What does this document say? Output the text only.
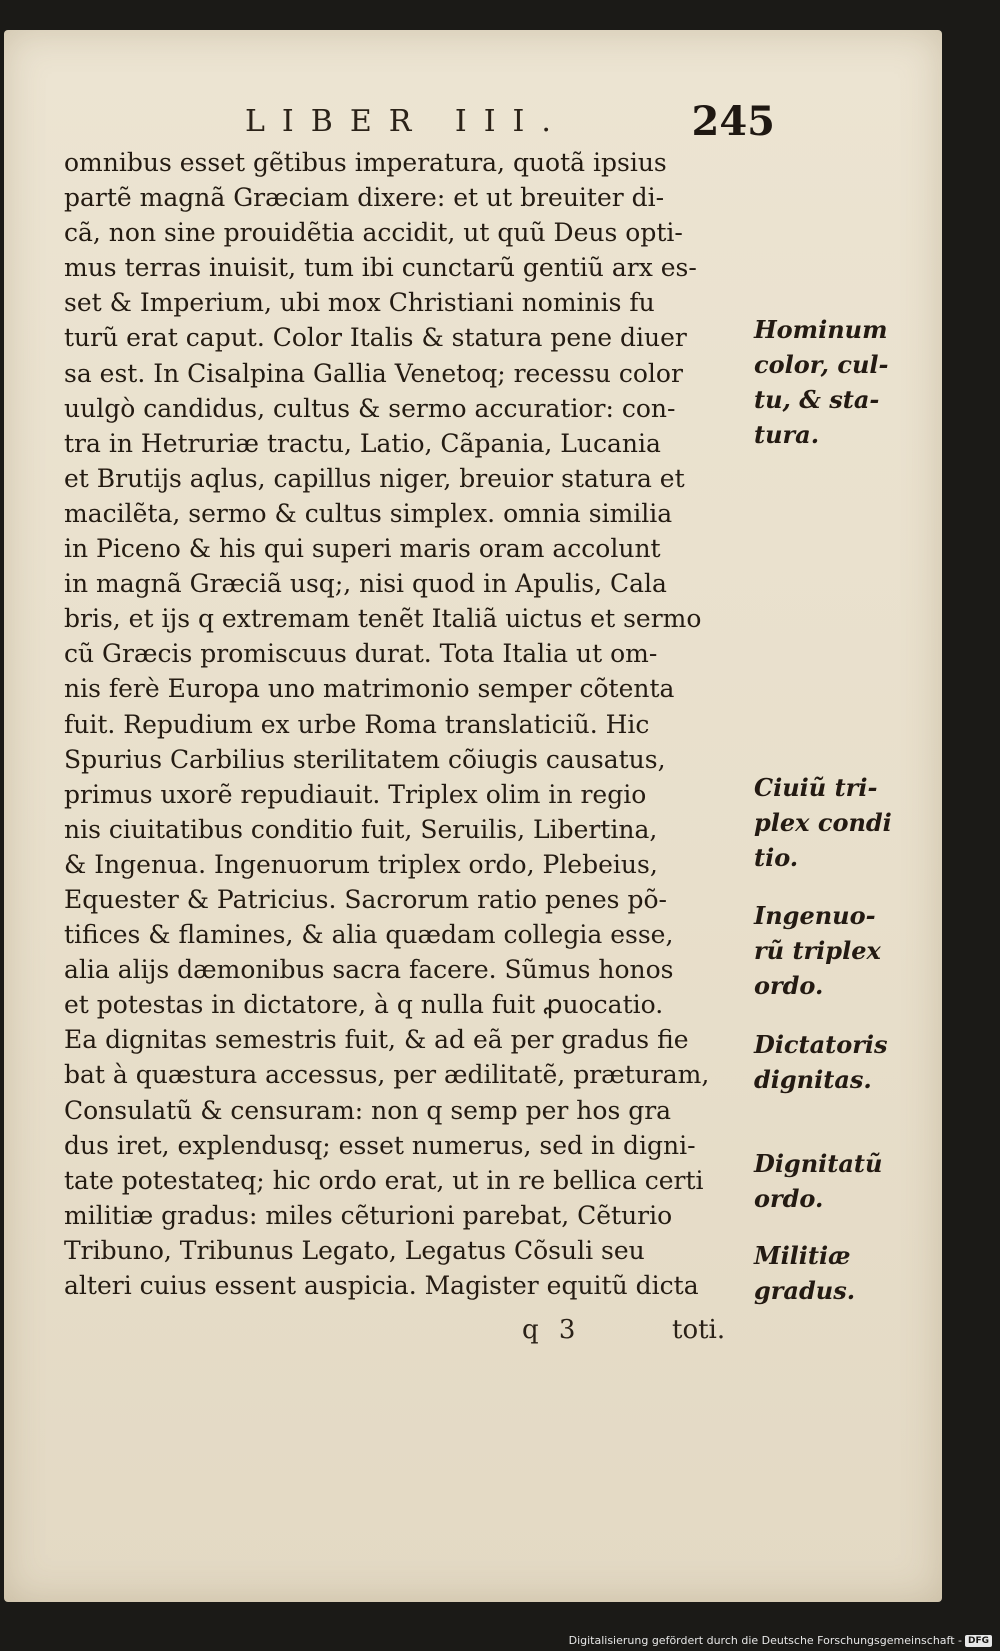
LIBER III.	245
omnibus esset gẽtibus imperatura, quotã ipsius
partẽ magnã Græciam dixere: et ut breuiter di-
cã, non sine prouidẽtia accidit, ut quũ Deus opti-
mus terras inuisit, tum ibi cunctarũ gentiũ arx es-
set & Imperium, ubi mox Christiani nominis fu
turũ erat caput. Color Italis & statura pene diuer
sa est. In Cisalpina Gallia Venetoq; recessu color
uulgò candidus, cultus & sermo accuratior: con-
tra in Hetruriæ tractu, Latio, Cãpania, Lucania
et Brutijs aqlus, capillus niger, breuior statura et
macilẽta, sermo & cultus simplex. omnia similia
in Piceno & his qui superi maris oram accolunt
in magnã Græciã usq;, nisi quod in Apulis, Cala
bris, et ijs q extremam tenẽt Italiã uictus et sermo
cũ Græcis promiscuus durat. Tota Italia ut om-
nis ferè Europa uno matrimonio semper cõtenta
fuit. Repudium ex urbe Roma translaticiũ. Hic
Spurius Carbilius sterilitatem cõiugis causatus,
primus uxorẽ repudiauit. Triplex olim in regio
nis ciuitatibus conditio fuit, Seruilis, Libertina,
& Ingenua. Ingenuorum triplex ordo, Plebeius,
Equester & Patricius. Sacrorum ratio penes põ-
tifices & flamines, & alia quædam collegia esse,
alia alijs dæmonibus sacra facere. Sũmus honos
et potestas in dictatore, à q nulla fuit ꝓuocatio.
Ea dignitas semestris fuit, & ad eã per gradus fie
bat à quæstura accessus, per ædilitatẽ, præturam,
Consulatũ & censuram: non q semp per hos gra
dus iret, explendusq; esset numerus, sed in digni-
tate potestateq; hic ordo erat, ut in re bellica certi
militiæ gradus: miles cẽturioni parebat, Cẽturio
Tribuno, Tribunus Legato, Legatus Cõsuli seu
alteri cuius essent auspicia. Magister equitũ dicta
Hominum
color, cul-
tu, & sta-
tura.
Ciuiũ tri-
plex condi
tio.
Ingenuo-
rũ triplex
ordo.
Dictatoris
dignitas.
Dignitatũ
ordo.
Militiæ
gradus.
q 3	toti.
Digitalisierung gefördert durch die Deutsche Forschungsgemeinschaft - DFG
